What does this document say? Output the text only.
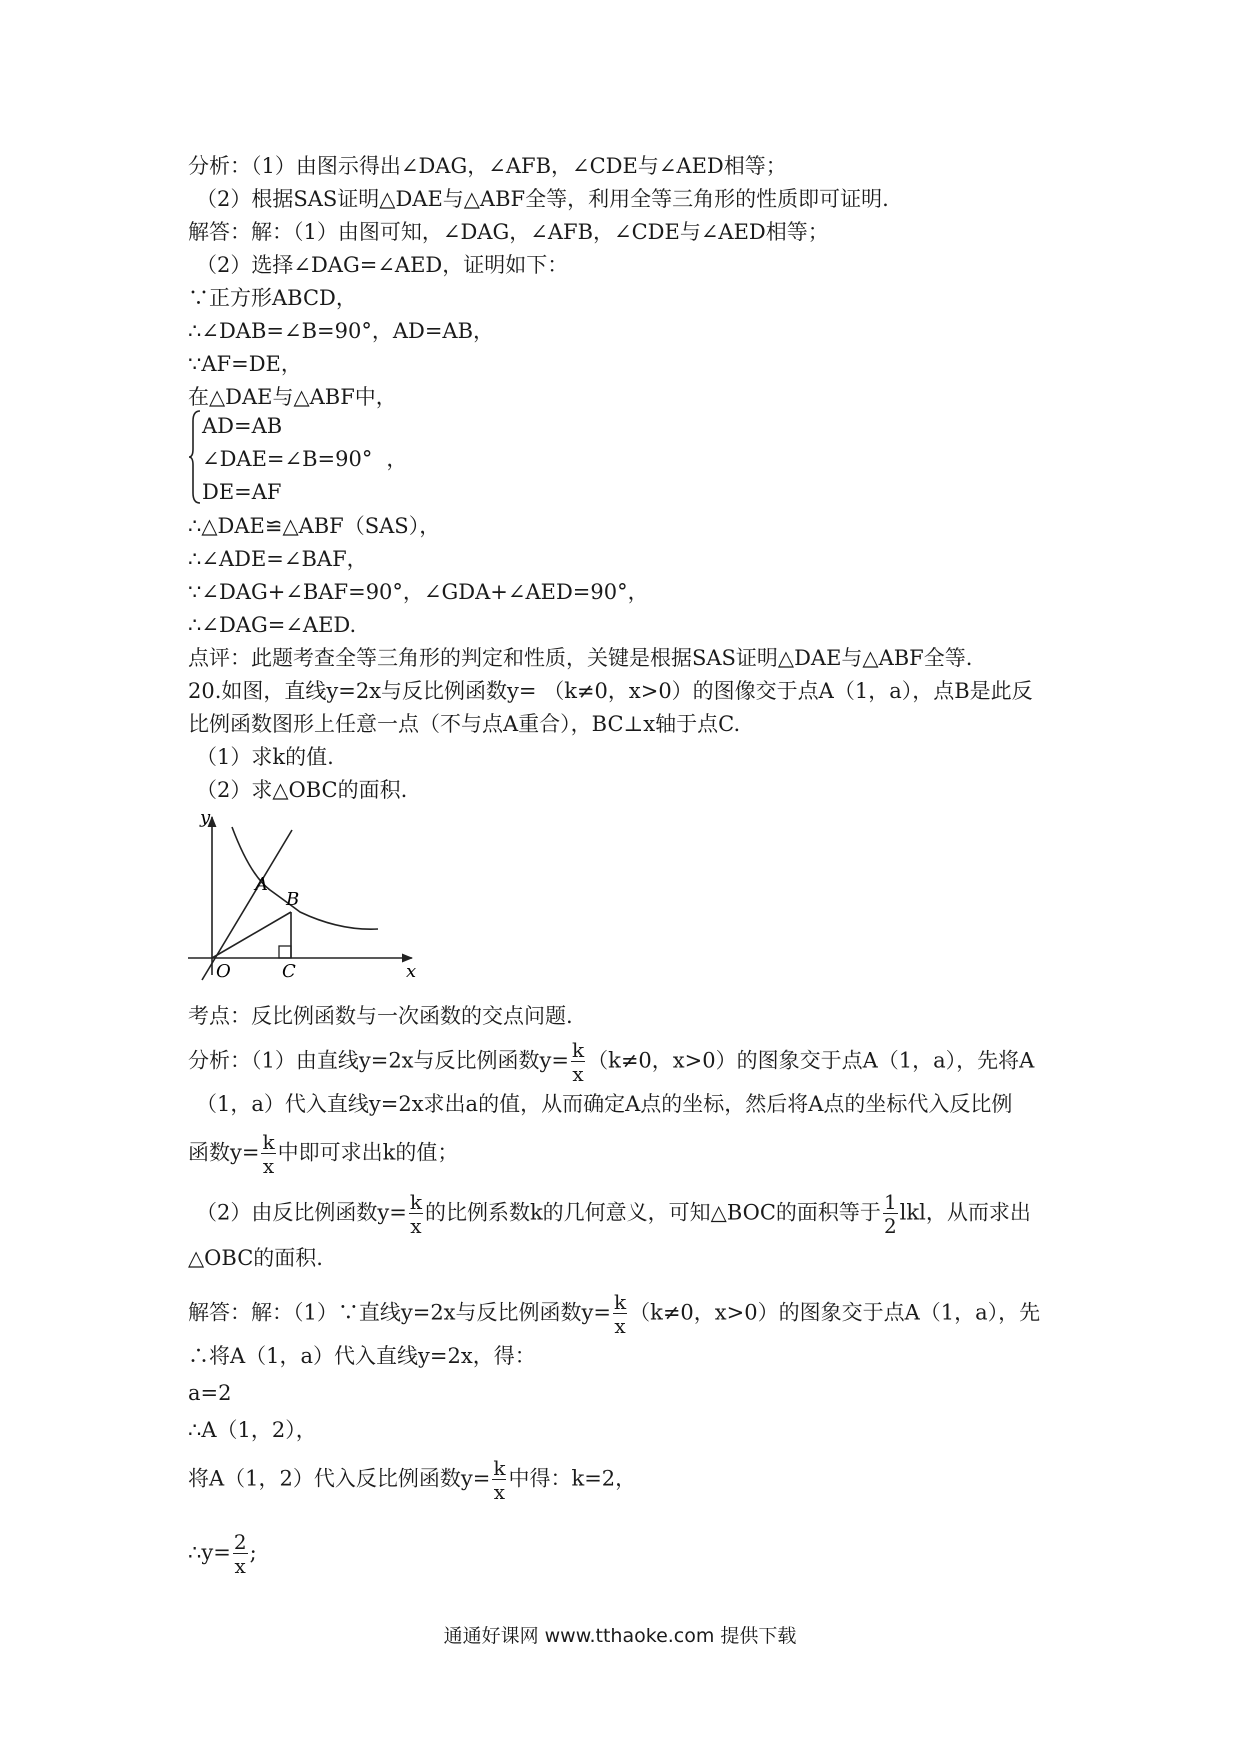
分析：（1）由图示得出∠DAG，∠AFB，∠CDE与∠AED相等；
（2）根据SAS证明△DAE与△ABF全等，利用全等三角形的性质即可证明.
解答：解：（1）由图可知，∠DAG，∠AFB，∠CDE与∠AED相等；
（2）选择∠DAG=∠AED，证明如下：
∵正方形ABCD，
∴∠DAB=∠B=90°，AD=AB，
∵AF=DE，
在△DAE与△ABF中，
AD=AB
∠DAE=∠B=90° ，
DE=AF
∴△DAE≌△ABF（SAS），
∴∠ADE=∠BAF，
∵∠DAG+∠BAF=90°，∠GDA+∠AED=90°，
∴∠DAG=∠AED.
点评：此题考查全等三角形的判定和性质，关键是根据SAS证明△DAE与△ABF全等.
20.如图，直线y=2x与反比例函数y= （k≠0，x>0）的图像交于点A（1，a），点B是此反
比例函数图形上任意一点（不与点A重合），BC⊥x轴于点C.
（1）求k的值.
（2）求△OBC的面积.
y
x
O	C
A
B
考点：反比例函数与一次函数的交点问题.
分析：（1）由直线y=2x与反比例函数$y= \frac{k}{x} (k\ne 0$，x>0）的图象交于点A（1，a），先将A
（1，a）代入直线y=2x求出a的值，从而确定A点的坐标，然后将A点的坐标代入反比例
函数$y= \frac{k}{x}$ 中即可求出k的值；
（2）由反比例函数$y= \frac{k}{x}$ 的比例系数k的几何意义，可知△BOC的面积等于 $\frac{1}{2}$ lkl，从而求出
△OBC的面积.
解答：解：（1）∵直线y=2x与反比例函数$y= \frac{k}{x} (k\ne 0$，x>0）的图象交于点A（1，a），先
∴将A（1，a）代入直线y=2x，得：
a=2
∴A（1，2），
将A（1，2）代入反比例函数$y= \frac{k}{x}$ 中得：k=2，
∴y= $\frac{2}{x}$ ;
通通好课网 www.tthaoke.com 提供下载
